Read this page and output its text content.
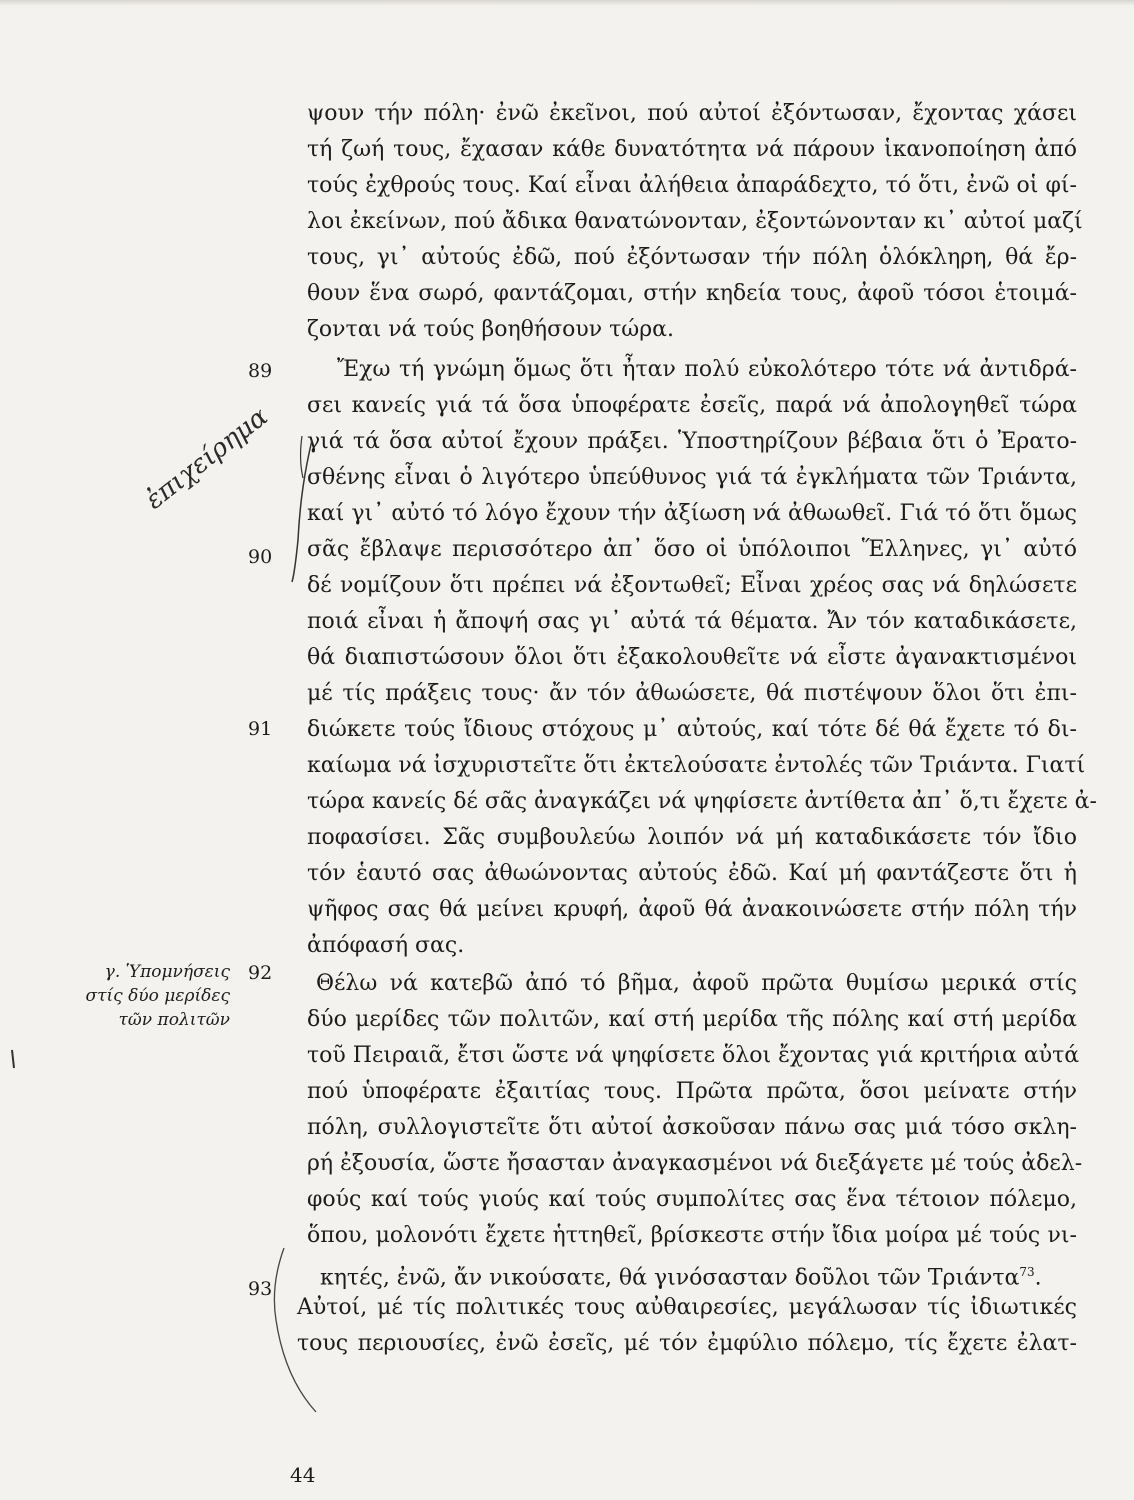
89
90
91
92
93
γ. Ὑπομνήσεις
στίς δύο μερίδες
τῶν πολιτῶν
ψουν τήν πόλη· ἐνῶ ἐκεῖνοι, πού αὐτοί ἐξόντωσαν, ἔχοντας χάσει
τή ζωή τους, ἔχασαν κάθε δυνατότητα νά πάρουν ἱκανοποίηση ἀπό
τούς ἐχθρούς τους. Καί εἶναι ἀλήθεια ἀπαράδεχτο, τό ὅτι, ἐνῶ οἱ φί-
λοι ἐκείνων, πού ἄδικα θανατώνονταν, ἐξοντώνονταν κι᾿ αὐτοί μαζί
τους, γι᾿ αὐτούς ἐδῶ, πού ἐξόντωσαν τήν πόλη ὁλόκληρη, θά ἔρ-
θουν ἕνα σωρό, φαντάζομαι, στήν κηδεία τους, ἀφοῦ τόσοι ἑτοιμά-
ζονται νά τούς βοηθήσουν τώρα.
Ἔχω τή γνώμη ὅμως ὅτι ἦταν πολύ εὐκολότερο τότε νά ἀντιδρά-
σει κανείς γιά τά ὅσα ὑποφέρατε ἐσεῖς, παρά νά ἀπολογηθεῖ τώρα
γιά τά ὅσα αὐτοί ἔχουν πράξει. Ὑποστηρίζουν βέβαια ὅτι ὁ Ἐρατο-
σθένης εἶναι ὁ λιγότερο ὑπεύθυνος γιά τά ἐγκλήματα τῶν Τριάντα,
καί γι᾿ αὐτό τό λόγο ἔχουν τήν ἀξίωση νά ἀθωωθεῖ. Γιά τό ὅτι ὅμως
σᾶς ἔβλαψε περισσότερο ἀπ᾿ ὅσο οἱ ὑπόλοιποι Ἕλληνες, γι᾿ αὐτό
δέ νομίζουν ὅτι πρέπει νά ἐξοντωθεῖ; Εἶναι χρέος σας νά δηλώσετε
ποιά εἶναι ἡ ἄποψή σας γι᾿ αὐτά τά θέματα. Ἄν τόν καταδικάσετε,
θά διαπιστώσουν ὅλοι ὅτι ἐξακολουθεῖτε νά εἶστε ἀγανακτισμένοι
μέ τίς πράξεις τους· ἄν τόν ἀθωώσετε, θά πιστέψουν ὅλοι ὅτι ἐπι-
διώκετε τούς ἴδιους στόχους μ᾿ αὐτούς, καί τότε δέ θά ἔχετε τό δι-
καίωμα νά ἰσχυριστεῖτε ὅτι ἐκτελούσατε ἐντολές τῶν Τριάντα. Γιατί
τώρα κανείς δέ σᾶς ἀναγκάζει νά ψηφίσετε ἀντίθετα ἀπ᾿ ὅ,τι ἔχετε ἀ-
ποφασίσει. Σᾶς συμβουλεύω λοιπόν νά μή καταδικάσετε τόν ἴδιο
τόν ἑαυτό σας ἀθωώνοντας αὐτούς ἐδῶ. Καί μή φαντάζεστε ὅτι ἡ
ψῆφος σας θά μείνει κρυφή, ἀφοῦ θά ἀνακοινώσετε στήν πόλη τήν
ἀπόφασή σας.
Θέλω νά κατεβῶ ἀπό τό βῆμα, ἀφοῦ πρῶτα θυμίσω μερικά στίς
δύο μερίδες τῶν πολιτῶν, καί στή μερίδα τῆς πόλης καί στή μερίδα
τοῦ Πειραιᾶ, ἔτσι ὥστε νά ψηφίσετε ὅλοι ἔχοντας γιά κριτήρια αὐτά
πού ὑποφέρατε ἐξαιτίας τους. Πρῶτα πρῶτα, ὅσοι μείνατε στήν
πόλη, συλλογιστεῖτε ὅτι αὐτοί ἀσκοῦσαν πάνω σας μιά τόσο σκλη-
ρή ἐξουσία, ὥστε ἤσασταν ἀναγκασμένοι νά διεξάγετε μέ τούς ἀδελ-
φούς καί τούς γιούς καί τούς συμπολίτες σας ἕνα τέτοιον πόλεμο,
ὅπου, μολονότι ἔχετε ἡττηθεῖ, βρίσκεστε στήν ἴδια μοίρα μέ τούς νι-
κητές, ἐνῶ, ἄν νικούσατε, θά γινόσασταν δοῦλοι τῶν Τριάντα$^{73}$.
Αὐτοί, μέ τίς πολιτικές τους αὐθαιρεσίες, μεγάλωσαν τίς ἰδιωτικές
τους περιουσίες, ἐνῶ ἐσεῖς, μέ τόν ἐμφύλιο πόλεμο, τίς ἔχετε ἐλατ-
44
ἐπιχείρημα
